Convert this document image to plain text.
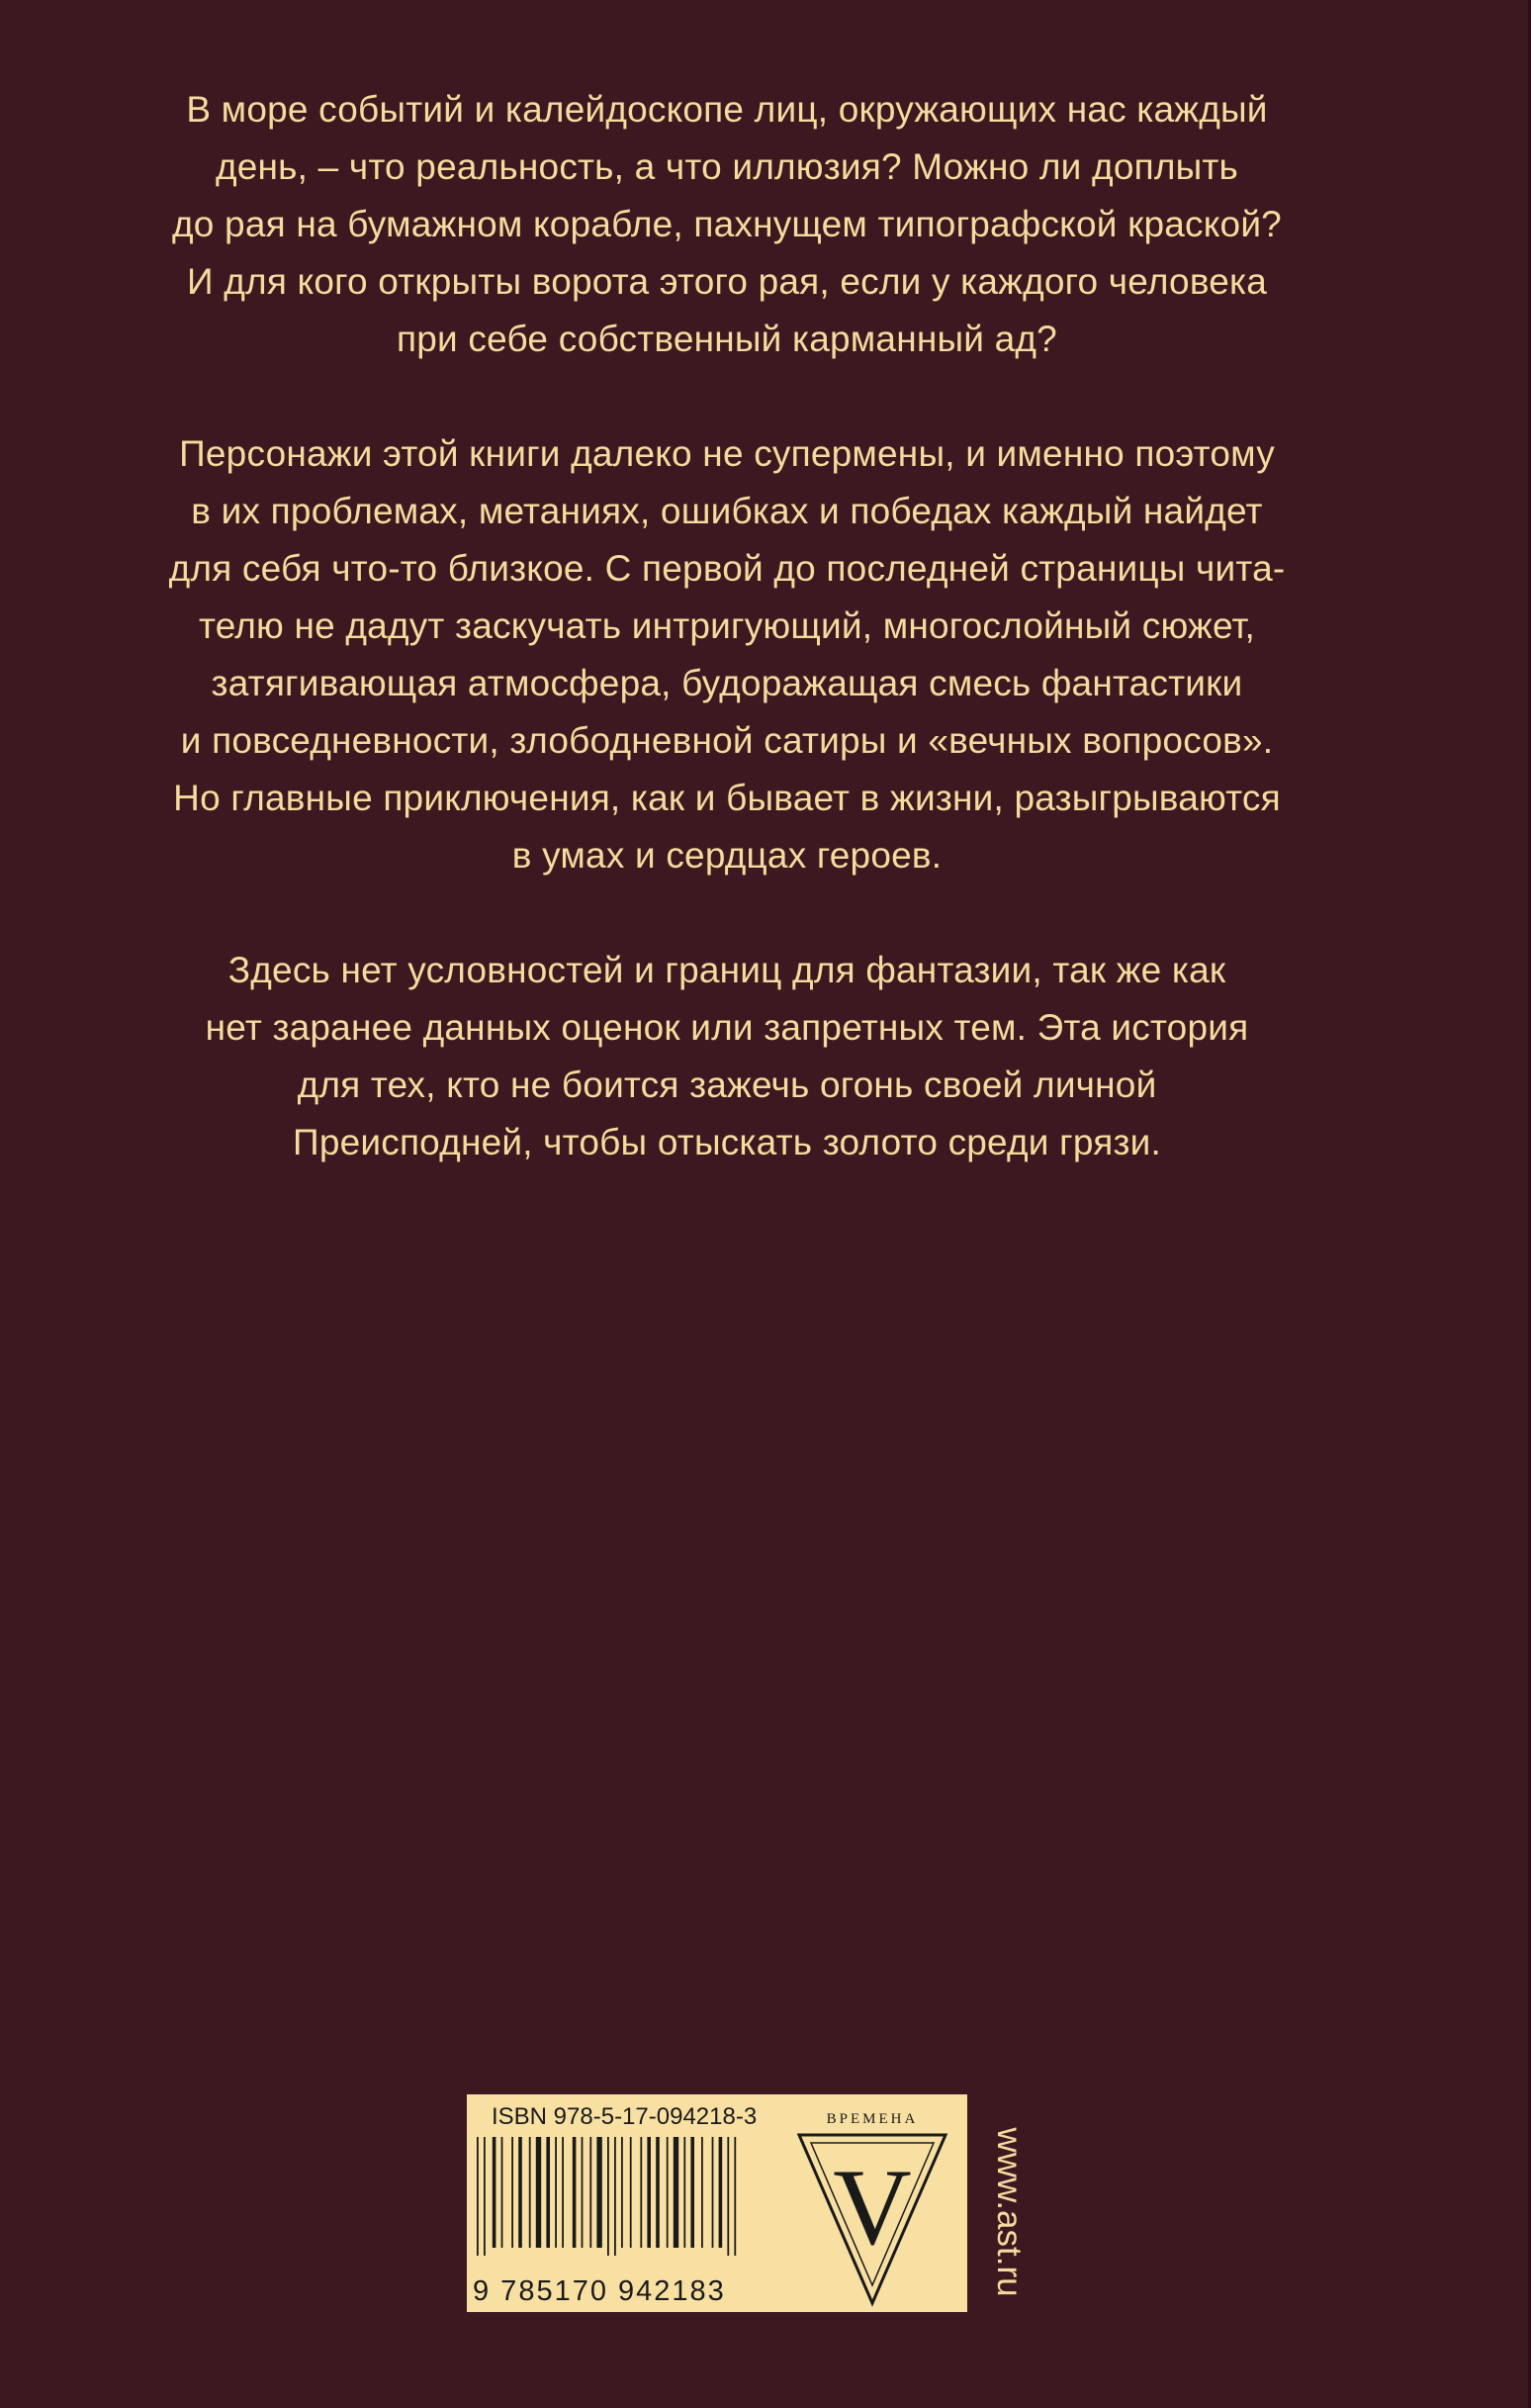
В море событий и калейдоскопе лиц, окружающих нас каждый
день, – что реальность, а что иллюзия? Можно ли доплыть
до рая на бумажном корабле, пахнущем типографской краской?
И для кого открыты ворота этого рая, если у каждого человека
при себе собственный карманный ад?

Персонажи этой книги далеко не супермены, и именно поэтому
в их проблемах, метаниях, ошибках и победах каждый найдет
для себя что-то близкое. С первой до последней страницы чита-
телю не дадут заскучать интригующий, многослойный сюжет,
затягивающая атмосфера, будоражащая смесь фантастики
и повседневности, злободневной сатиры и «вечных вопросов».
Но главные приключения, как и бывает в жизни, разыгрываются
в умах и сердцах героев.

Здесь нет условностей и границ для фантазии, так же как
нет заранее данных оценок или запретных тем. Эта история
для тех, кто не боится зажечь огонь своей личной
Преисподней, чтобы отыскать золото среди грязи.

ISBN 978-5-17-094218-3
9 785170 942183
ВРЕМЕНА
V www.ast.ru
